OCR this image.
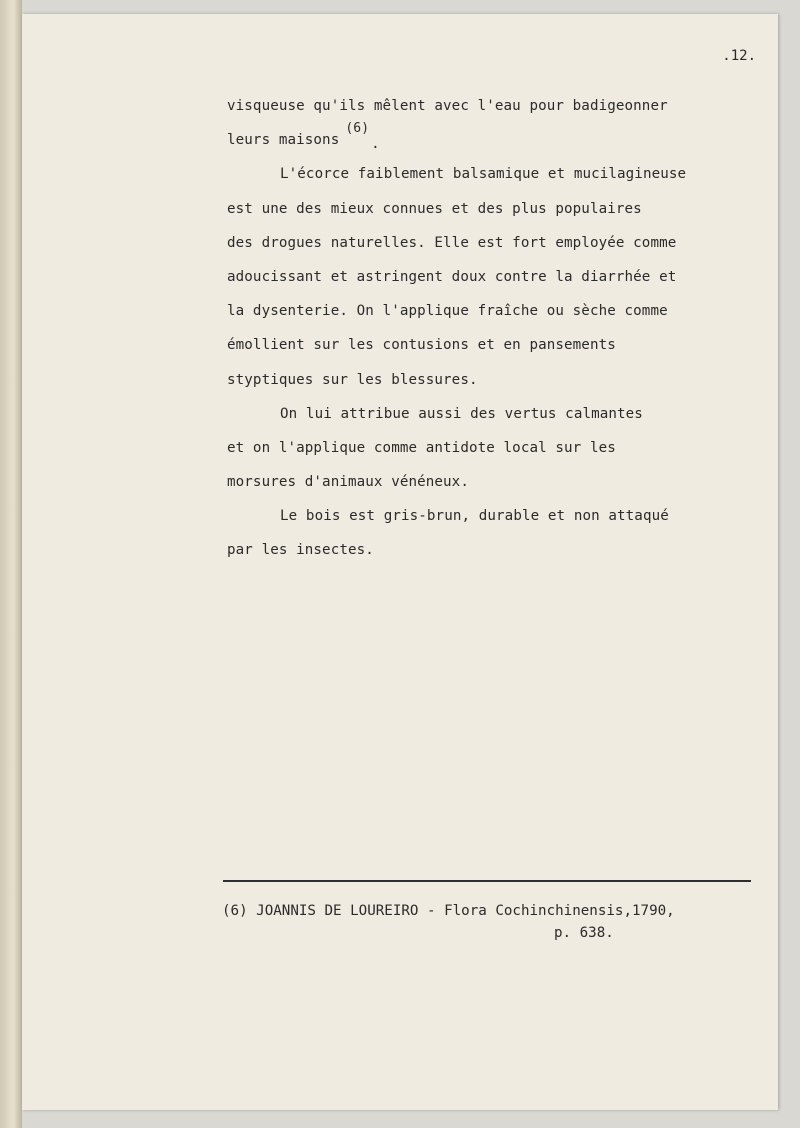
.12.
visqueuse qu'ils mêlent avec l'eau pour badigeonner
leurs maisons(6).
L'écorce faiblement balsamique et mucilagineuse
est une des mieux connues et des plus populaires
des drogues naturelles. Elle est fort employée comme
adoucissant et astringent doux contre la diarrhée et
la dysenterie. On l'applique fraîche ou sèche comme
émollient sur les contusions et en pansements
styptiques sur les blessures.
On lui attribue aussi des vertus calmantes
et on l'applique comme antidote local sur les
morsures d'animaux vénéneux.
Le bois est gris-brun, durable et non attaqué
par les insectes.
(6) JOANNIS DE LOUREIRO - Flora Cochinchinensis,1790,
p. 638.
